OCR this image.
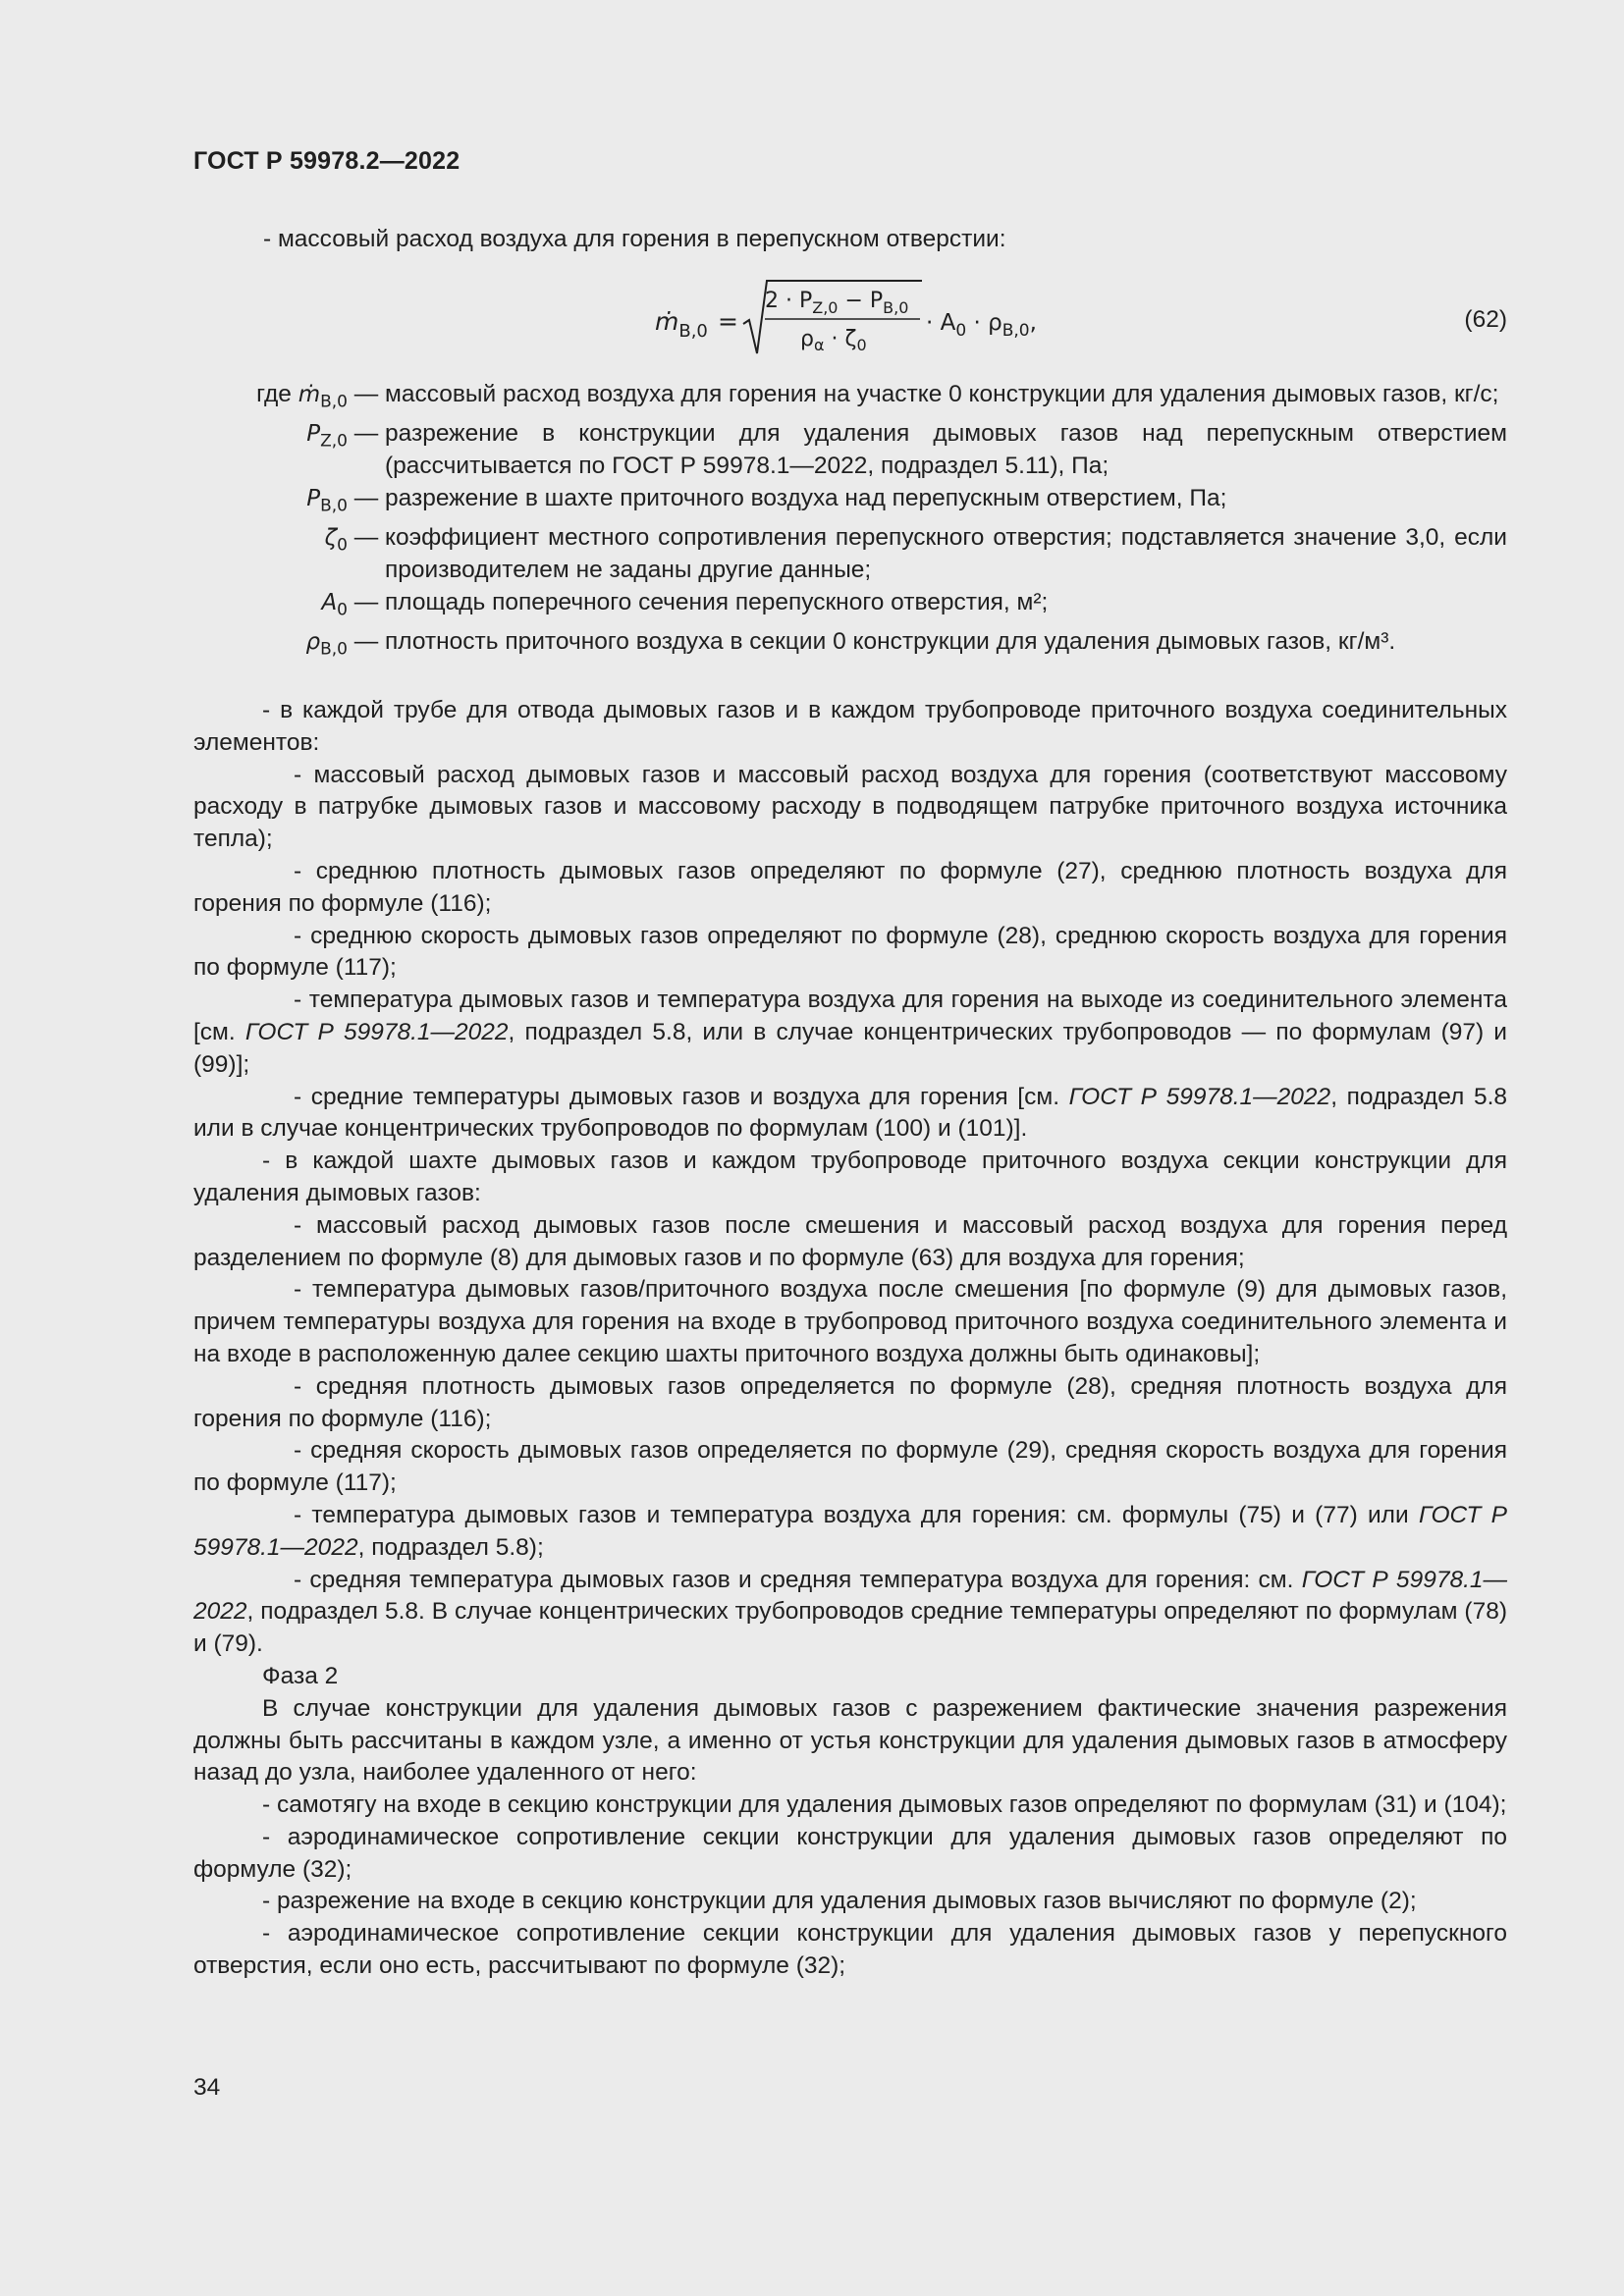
ГОСТ Р 59978.2—2022
- массовый расход воздуха для горения в перепускном отверстии:
ṁ$_{B,0}$ =
$2 \cdot P_{Z,0} - P_{B,0}$
$\rho_\alpha \cdot \zeta_0$
· $A_0 \cdot \rho_{B,0}$,	(62)
где ṁ$_{B,0}$ — массовый расход воздуха для горения на участке 0 конструкции для удаления дымовых газов, кг/с;
$P_{Z,0}$ — разрежение в конструкции для удаления дымовых газов над перепускным отверстием (рассчитывается по ГОСТ Р 59978.1—2022, подраздел 5.11), Па;
$P_{B,0}$ — разрежение в шахте приточного воздуха над перепускным отверстием, Па;
$\zeta_0$ — коэффициент местного сопротивления перепускного отверстия; подставляется значение 3,0, если производителем не заданы другие данные;
$A_0$ — площадь поперечного сечения перепускного отверстия, м²;
$\rho_{B,0}$ — плотность приточного воздуха в секции 0 конструкции для удаления дымовых газов, кг/м³.

- в каждой трубе для отвода дымовых газов и в каждом трубопроводе приточного воздуха соединительных элементов:

- массовый расход дымовых газов и массовый расход воздуха для горения (соответствуют массовому расходу в патрубке дымовых газов и массовому расходу в подводящем патрубке приточного воздуха источника тепла);

- среднюю плотность дымовых газов определяют по формуле (27), среднюю плотность воздуха для горения по формуле (116);

- среднюю скорость дымовых газов определяют по формуле (28), среднюю скорость воздуха для горения по формуле (117);

- температура дымовых газов и температура воздуха для горения на выходе из соединительного элемента [см. ГОСТ Р 59978.1—2022, подраздел 5.8, или в случае концентрических трубопроводов — по формулам (97) и (99)];

- средние температуры дымовых газов и воздуха для горения [см. ГОСТ Р 59978.1—2022, подраздел 5.8 или в случае концентрических трубопроводов по формулам (100) и (101)].

- в каждой шахте дымовых газов и каждом трубопроводе приточного воздуха секции конструкции для удаления дымовых газов:

- массовый расход дымовых газов после смешения и массовый расход воздуха для горения перед разделением по формуле (8) для дымовых газов и по формуле (63) для воздуха для горения;

- температура дымовых газов/приточного воздуха после смешения [по формуле (9) для дымовых газов, причем температуры воздуха для горения на входе в трубопровод приточного воздуха соединительного элемента и на входе в расположенную далее секцию шахты приточного воздуха должны быть одинаковы];

- средняя плотность дымовых газов определяется по формуле (28), средняя плотность воздуха для горения по формуле (116);

- средняя скорость дымовых газов определяется по формуле (29), средняя скорость воздуха для горения по формуле (117);

- температура дымовых газов и температура воздуха для горения: см. формулы (75) и (77) или ГОСТ Р 59978.1—2022, подраздел 5.8);

- средняя температура дымовых газов и средняя температура воздуха для горения: см. ГОСТ Р 59978.1—2022, подраздел 5.8. В случае концентрических трубопроводов средние температуры определяют по формулам (78) и (79).

Фаза 2

В случае конструкции для удаления дымовых газов с разрежением фактические значения разрежения должны быть рассчитаны в каждом узле, а именно от устья конструкции для удаления дымовых газов в атмосферу назад до узла, наиболее удаленного от него:

- самотягу на входе в секцию конструкции для удаления дымовых газов определяют по формулам (31) и (104);

- аэродинамическое сопротивление секции конструкции для удаления дымовых газов определяют по формуле (32);

- разрежение на входе в секцию конструкции для удаления дымовых газов вычисляют по формуле (2);

- аэродинамическое сопротивление секции конструкции для удаления дымовых газов у перепускного отверстия, если оно есть, рассчитывают по формуле (32);

34
